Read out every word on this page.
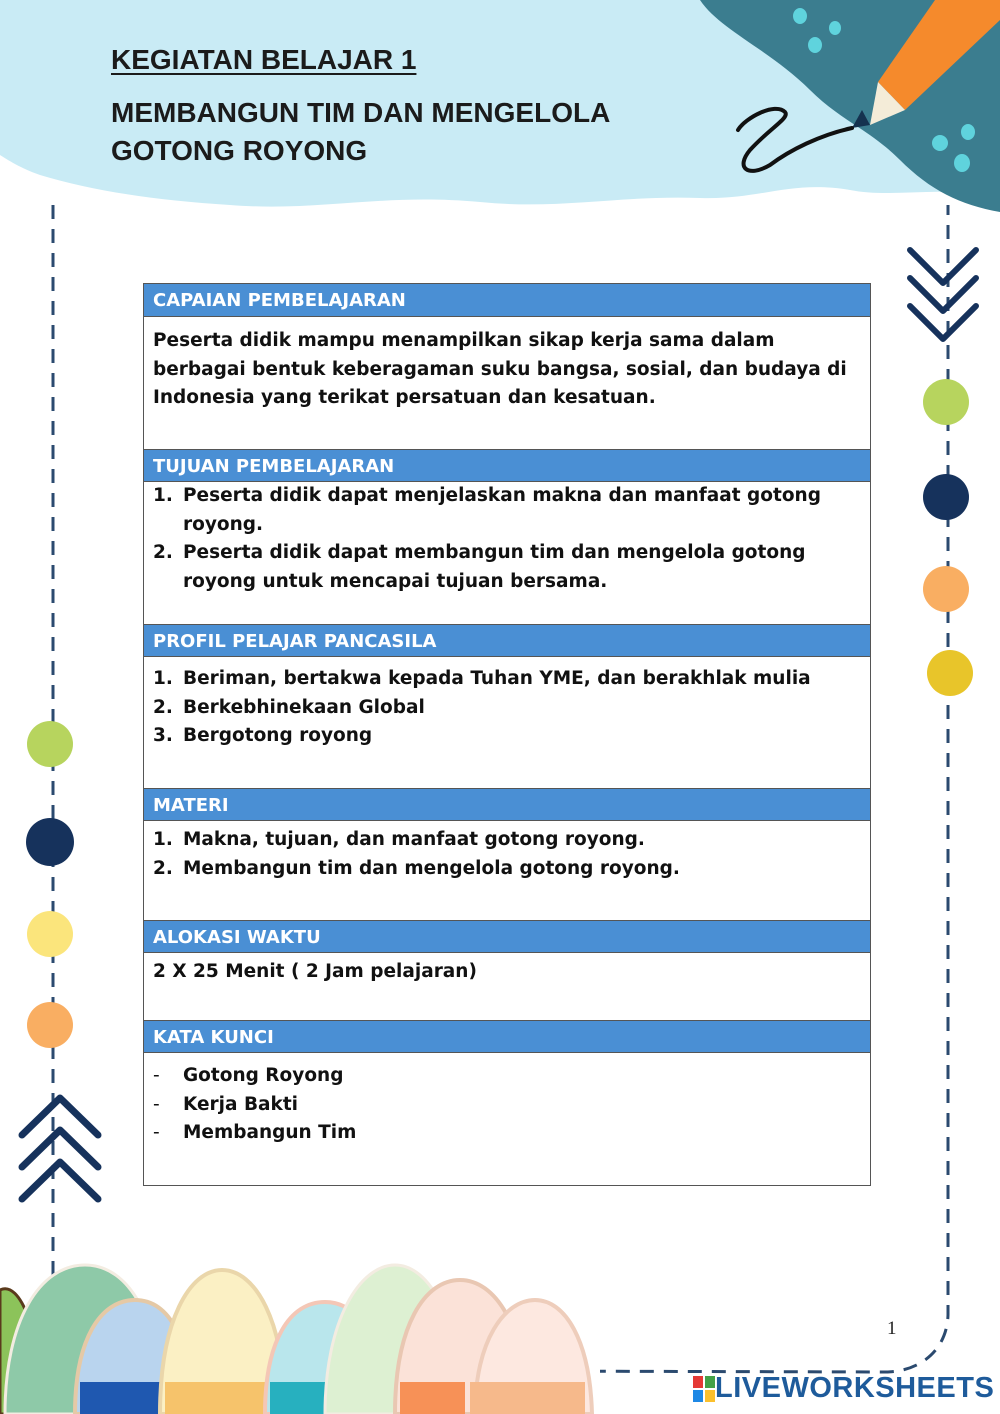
KEGIATAN BELAJAR 1
MEMBANGUN TIM DAN MENGELOLA GOTONG ROYONG
CAPAIAN PEMBELAJARAN
Peserta didik mampu menampilkan sikap kerja sama dalam berbagai bentuk keberagaman suku bangsa, sosial, dan budaya di Indonesia yang terikat persatuan dan kesatuan.
TUJUAN PEMBELAJARAN
1. Peserta didik dapat menjelaskan makna dan manfaat gotong royong.
2. Peserta didik dapat membangun tim dan mengelola gotong royong untuk mencapai tujuan bersama.
PROFIL PELAJAR PANCASILA
1. Beriman, bertakwa kepada Tuhan YME, dan berakhlak mulia
2. Berkebhinekaan Global
3. Bergotong royong
MATERI
1. Makna, tujuan, dan manfaat gotong royong.
2. Membangun tim dan mengelola gotong royong.
ALOKASI WAKTU
2 X 25 Menit ( 2 Jam pelajaran)
KATA KUNCI
-	Gotong Royong
-	Kerja Bakti
-	Membangun Tim
1
LIVEWORKSHEETS
